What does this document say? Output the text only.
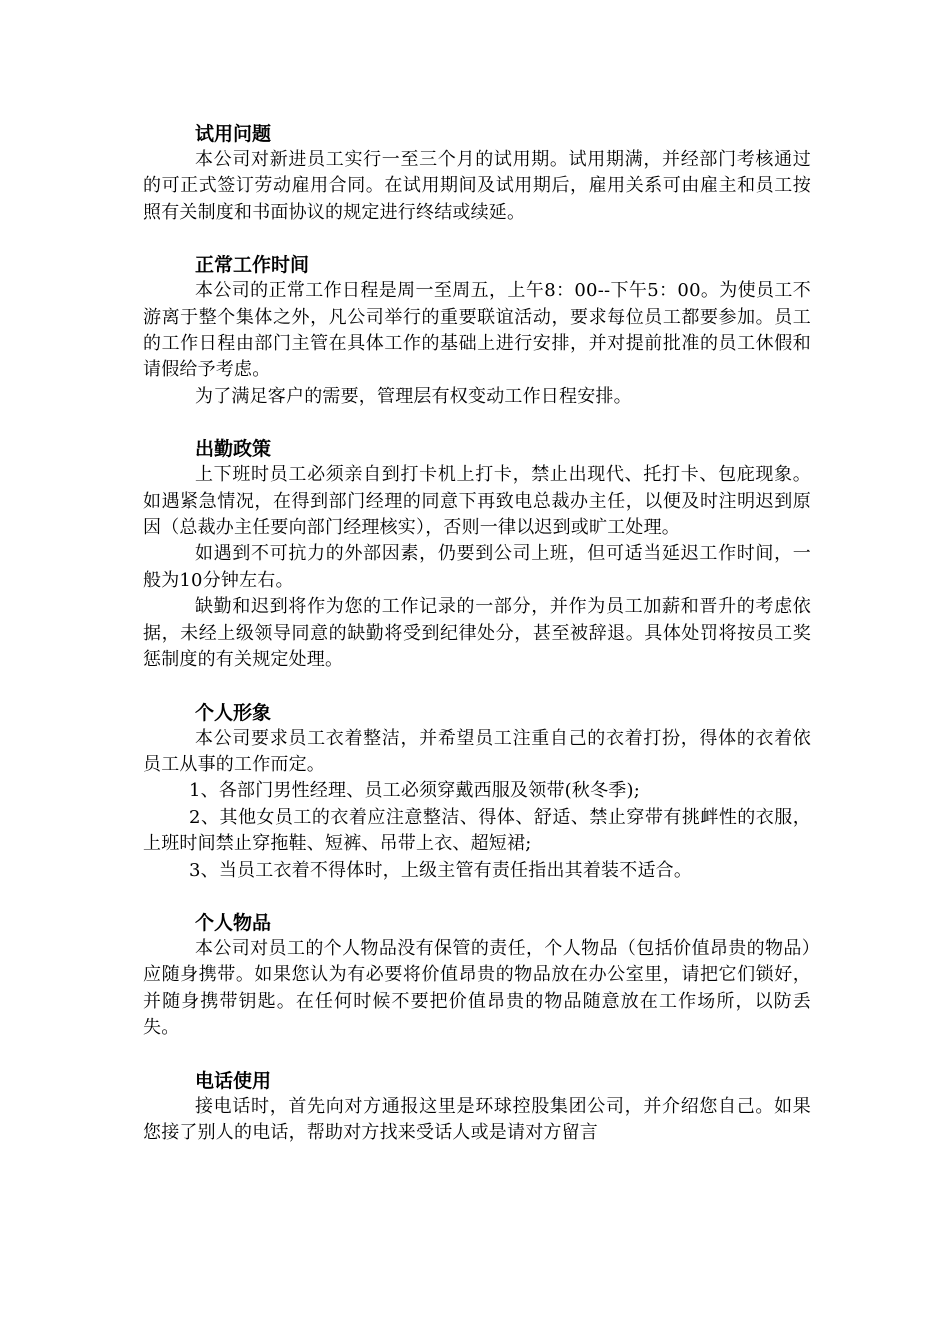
试用问题

本公司对新进员工实行一至三个月的试用期。试用期满，并经部门考核通过的可正式签订劳动雇用合同。在试用期间及试用期后，雇用关系可由雇主和员工按照有关制度和书面协议的规定进行终结或续延。

正常工作时间

本公司的正常工作日程是周一至周五，上午8：00--下午5：00。为使员工不游离于整个集体之外，凡公司举行的重要联谊活动，要求每位员工都要参加。员工的工作日程由部门主管在具体工作的基础上进行安排，并对提前批准的员工休假和请假给予考虑。

为了满足客户的需要，管理层有权变动工作日程安排。

出勤政策

上下班时员工必须亲自到打卡机上打卡，禁止出现代、托打卡、包庇现象。如遇紧急情况，在得到部门经理的同意下再致电总裁办主任，以便及时注明迟到原因（总裁办主任要向部门经理核实），否则一律以迟到或旷工处理。

如遇到不可抗力的外部因素，仍要到公司上班，但可适当延迟工作时间，一般为10分钟左右。

缺勤和迟到将作为您的工作记录的一部分，并作为员工加薪和晋升的考虑依据，未经上级领导同意的缺勤将受到纪律处分，甚至被辞退。具体处罚将按员工奖惩制度的有关规定处理。

个人形象

本公司要求员工衣着整洁，并希望员工注重自己的衣着打扮，得体的衣着依员工从事的工作而定。

1、各部门男性经理、员工必须穿戴西服及领带(秋冬季);

2、其他女员工的衣着应注意整洁、得体、舒适、禁止穿带有挑衅性的衣服，上班时间禁止穿拖鞋、短裤、吊带上衣、超短裙;

3、当员工衣着不得体时，上级主管有责任指出其着装不适合。

个人物品

本公司对员工的个人物品没有保管的责任，个人物品（包括价值昂贵的物品）应随身携带。如果您认为有必要将价值昂贵的物品放在办公室里，请把它们锁好，并随身携带钥匙。在任何时候不要把价值昂贵的物品随意放在工作场所，以防丢失。

电话使用

接电话时，首先向对方通报这里是环球控股集团公司，并介绍您自己。如果您接了别人的电话，帮助对方找来受话人或是请对方留言
